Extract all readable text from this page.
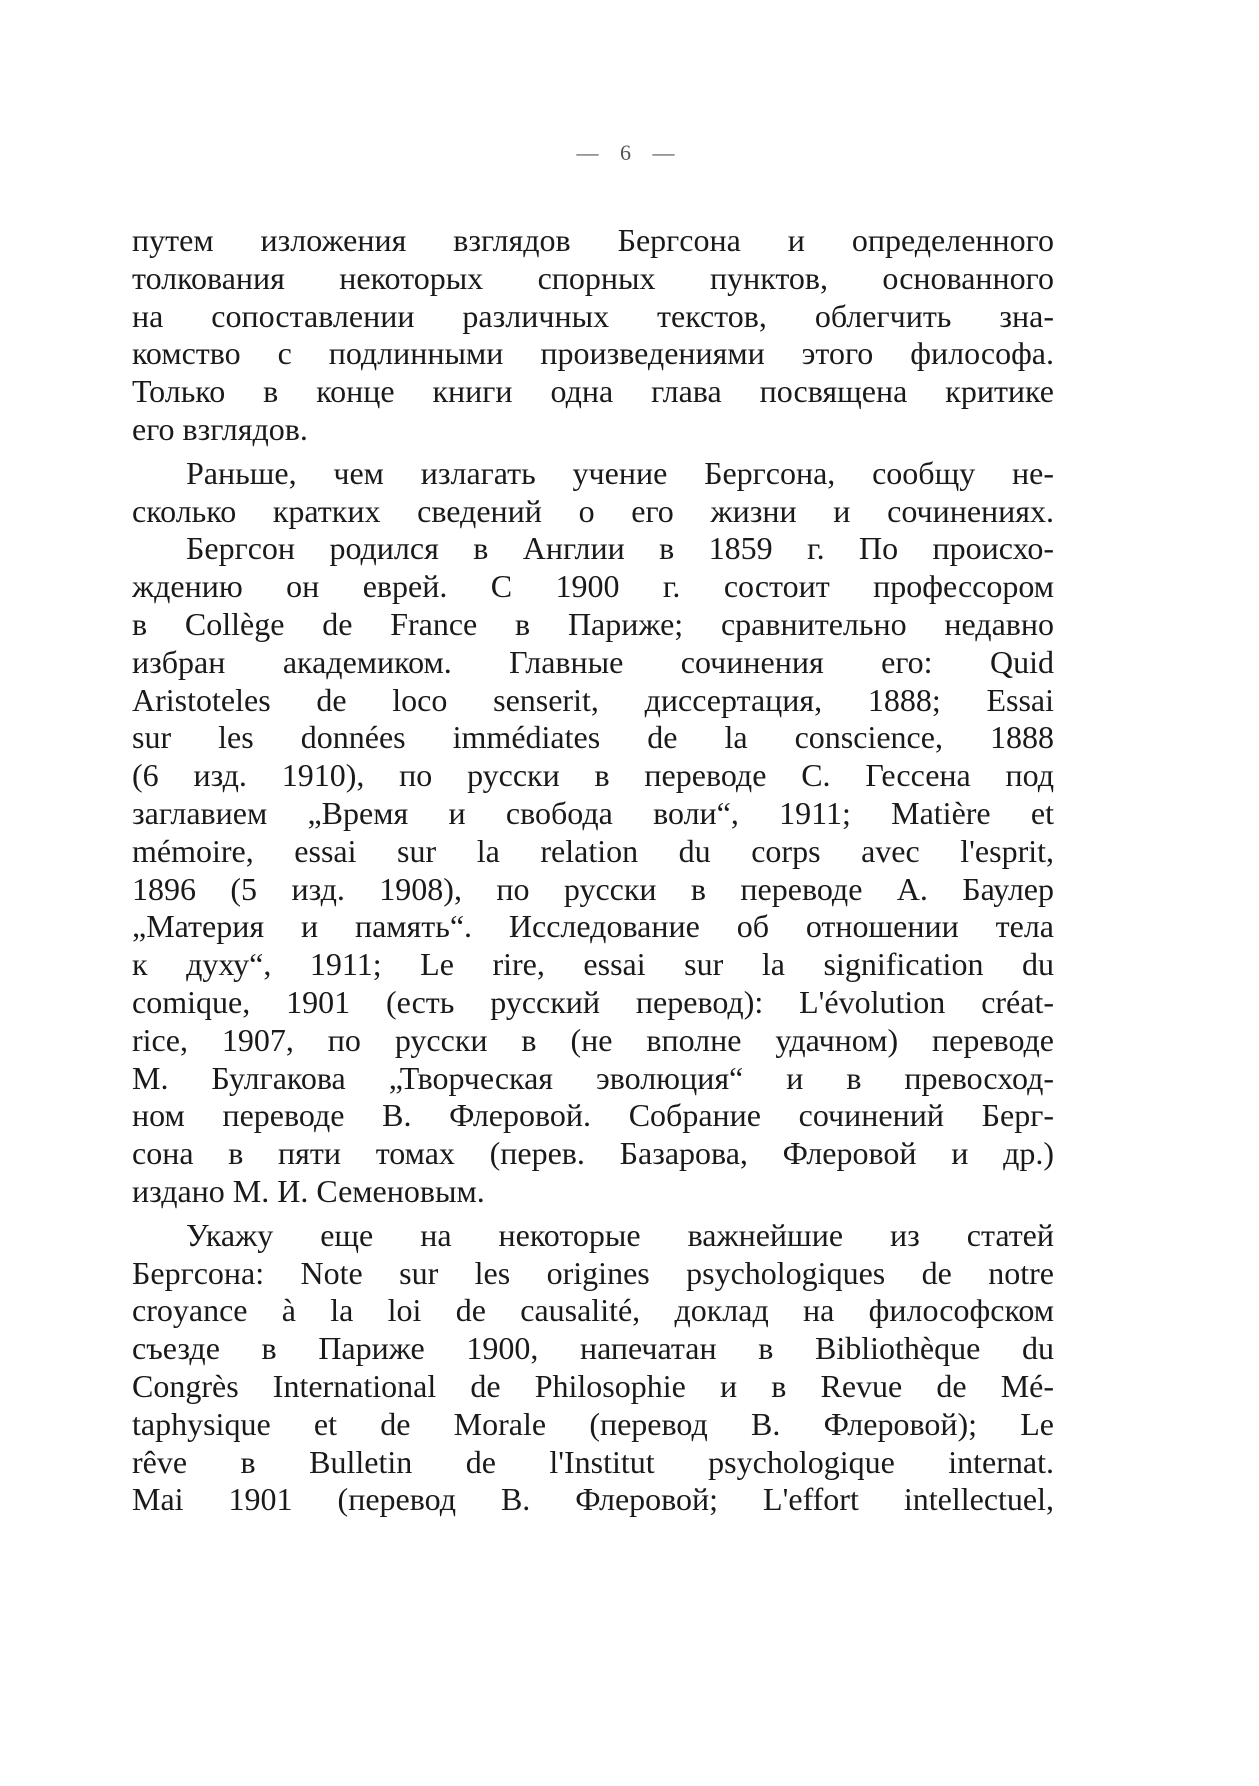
— 6 —
путем изложения взглядов Бергсона и определенного
толкования некоторых спорных пунктов, основанного
на сопоставлении различных текстов, облегчить зна-
комство с подлинными произведениями этого философа.
Только в конце книги одна глава посвящена критике
его взглядов.
Раньше, чем излагать учение Бергсона, сообщу не-
сколько кратких сведений о его жизни и сочинениях.
Бергсон родился в Англии в 1859 г. По происхо-
ждению он еврей. С 1900 г. состоит профессором
в Collège de France в Париже; сравнительно недавно
избран академиком. Главные сочинения его: Quid
Aristoteles de loco senserit, диссертация, 1888; Essai
sur les données immédiates de la conscience, 1888
(6 изд. 1910), по русски в переводе С. Гессена под
заглавием „Время и свобода воли“, 1911; Matière et
mémoire, essai sur la relation du corps avec l'esprit,
1896 (5 изд. 1908), по русски в переводе А. Баулер
„Материя и память“. Исследование об отношении тела
к духу“, 1911; Le rire, essai sur la signification du
comique, 1901 (есть русский перевод): L'évolution créat-
rice, 1907, по русски в (не вполне удачном) переводе
М. Булгакова „Творческая эволюция“ и в превосход-
ном переводе В. Флеровой. Собрание сочинений Берг-
сона в пяти томах (перев. Базарова, Флеровой и др.)
издано М. И. Семеновым.
Укажу еще на некоторые важнейшие из статей
Бергсона: Note sur les origines psychologiques de notre
croyance à la loi de causalité, доклад на философском
съезде в Париже 1900, напечатан в Bibliothèque du
Congrès International de Philosophie и в Revue de Mé-
taphysique et de Morale (перевод В. Флеровой); Le
rêve в Bulletin de l'Institut psychologique internat.
Mai 1901 (перевод В. Флеровой; L'effort intellectuel,
